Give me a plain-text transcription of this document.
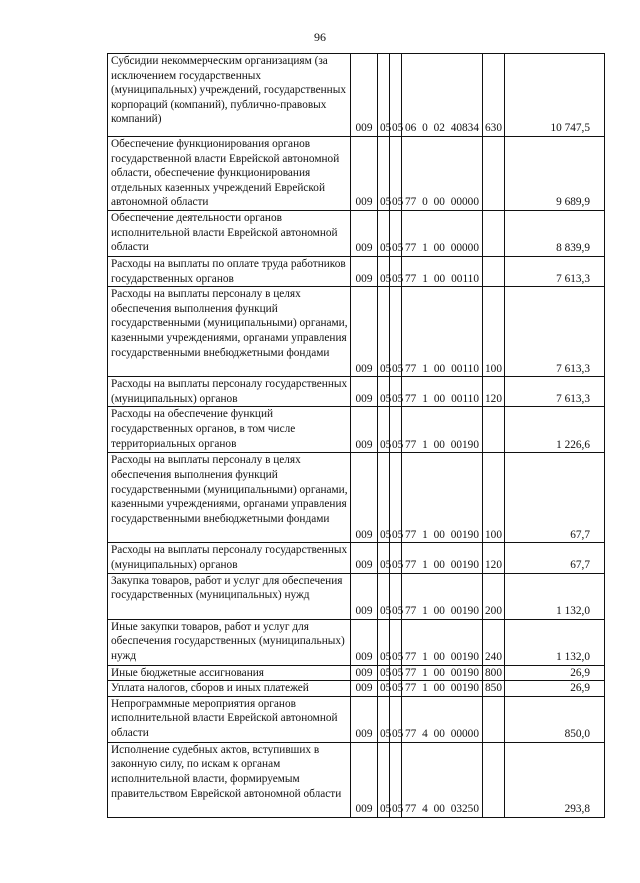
96
Субсидии некоммерческим организациям (за исключением государственных (муниципальных) учреждений, государственных корпораций (компаний), публично-правовых компаний)	009	05	05	06 0 02 40834	630	10 747,5
Обеспечение функционирования органов государственной власти Еврейской автономной области, обеспечение функционирования отдельных казенных учреждений Еврейской автономной области	009	05	05	77 0 00 00000		9 689,9
Обеспечение деятельности органов исполнительной власти Еврейской автономной области	009	05	05	77 1 00 00000		8 839,9
Расходы на выплаты по оплате труда работников государственных органов	009	05	05	77 1 00 00110		7 613,3
Расходы на выплаты персоналу в целях обеспечения выполнения функций государственными (муниципальными) органами, казенными учреждениями, органами управления государственными внебюджетными фондами	009	05	05	77 1 00 00110	100	7 613,3
Расходы на выплаты персоналу государственных (муниципальных) органов	009	05	05	77 1 00 00110	120	7 613,3
Расходы на обеспечение функций государственных органов, в том числе территориальных органов	009	05	05	77 1 00 00190		1 226,6
Расходы на выплаты персоналу в целях обеспечения выполнения функций государственными (муниципальными) органами, казенными учреждениями, органами управления государственными внебюджетными фондами	009	05	05	77 1 00 00190	100	67,7
Расходы на выплаты персоналу государственных (муниципальных) органов	009	05	05	77 1 00 00190	120	67,7
Закупка товаров, работ и услуг для обеспечения государственных (муниципальных) нужд	009	05	05	77 1 00 00190	200	1 132,0
Иные закупки товаров, работ и услуг для обеспечения государственных (муниципальных) нужд	009	05	05	77 1 00 00190	240	1 132,0
Иные бюджетные ассигнования	009	05	05	77 1 00 00190	800	26,9
Уплата налогов, сборов и иных платежей	009	05	05	77 1 00 00190	850	26,9
Непрограммные мероприятия органов исполнительной власти Еврейской автономной области	009	05	05	77 4 00 00000		850,0
Исполнение судебных актов, вступивших в законную силу, по искам к органам исполнительной власти, формируемым правительством Еврейской автономной области	009	05	05	77 4 00 03250		293,8
